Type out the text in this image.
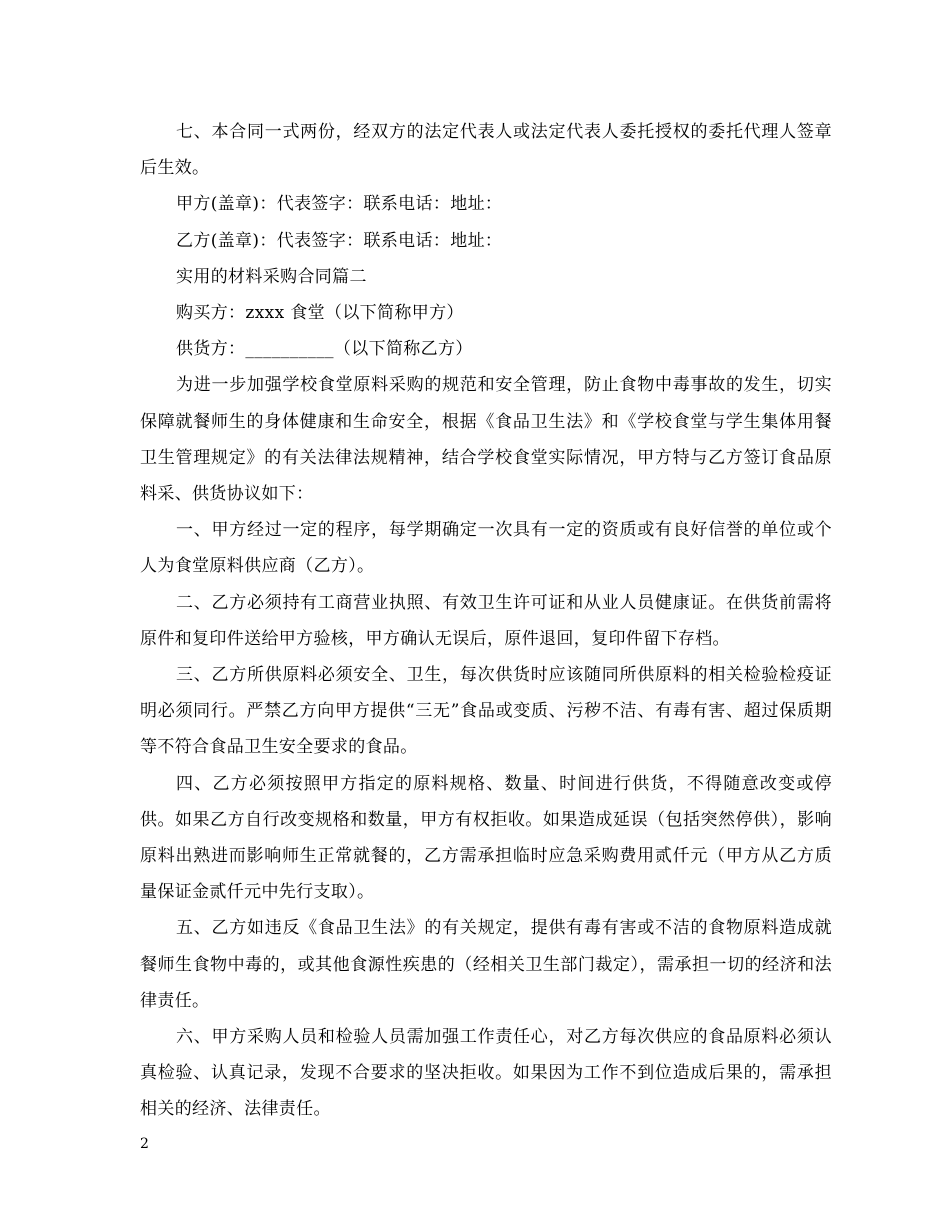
七、本合同一式两份，经双方的法定代表人或法定代表人委托授权的委托代理人签章后生效。

甲方(盖章)：代表签字：联系电话：地址：

乙方(盖章)：代表签字：联系电话：地址：

实用的材料采购合同篇二

购买方：zxxx 食堂（以下简称甲方）

供货方：__________（以下简称乙方）

为进一步加强学校食堂原料采购的规范和安全管理，防止食物中毒事故的发生，切实保障就餐师生的身体健康和生命安全，根据《食品卫生法》和《学校食堂与学生集体用餐卫生管理规定》的有关法律法规精神，结合学校食堂实际情况，甲方特与乙方签订食品原料采、供货协议如下：

一、甲方经过一定的程序，每学期确定一次具有一定的资质或有良好信誉的单位或个人为食堂原料供应商（乙方）。

二、乙方必须持有工商营业执照、有效卫生许可证和从业人员健康证。在供货前需将原件和复印件送给甲方验核，甲方确认无误后，原件退回，复印件留下存档。

三、乙方所供原料必须安全、卫生，每次供货时应该随同所供原料的相关检验检疫证明必须同行。严禁乙方向甲方提供“三无”食品或变质、污秽不洁、有毒有害、超过保质期等不符合食品卫生安全要求的食品。

四、乙方必须按照甲方指定的原料规格、数量、时间进行供货，不得随意改变或停供。如果乙方自行改变规格和数量，甲方有权拒收。如果造成延误（包括突然停供），影响原料出熟进而影响师生正常就餐的，乙方需承担临时应急采购费用贰仟元（甲方从乙方质量保证金贰仟元中先行支取）。

五、乙方如违反《食品卫生法》的有关规定，提供有毒有害或不洁的食物原料造成就餐师生食物中毒的，或其他食源性疾患的（经相关卫生部门裁定），需承担一切的经济和法律责任。

六、甲方采购人员和检验人员需加强工作责任心，对乙方每次供应的食品原料必须认真检验、认真记录，发现不合要求的坚决拒收。如果因为工作不到位造成后果的，需承担相关的经济、法律责任。

2
